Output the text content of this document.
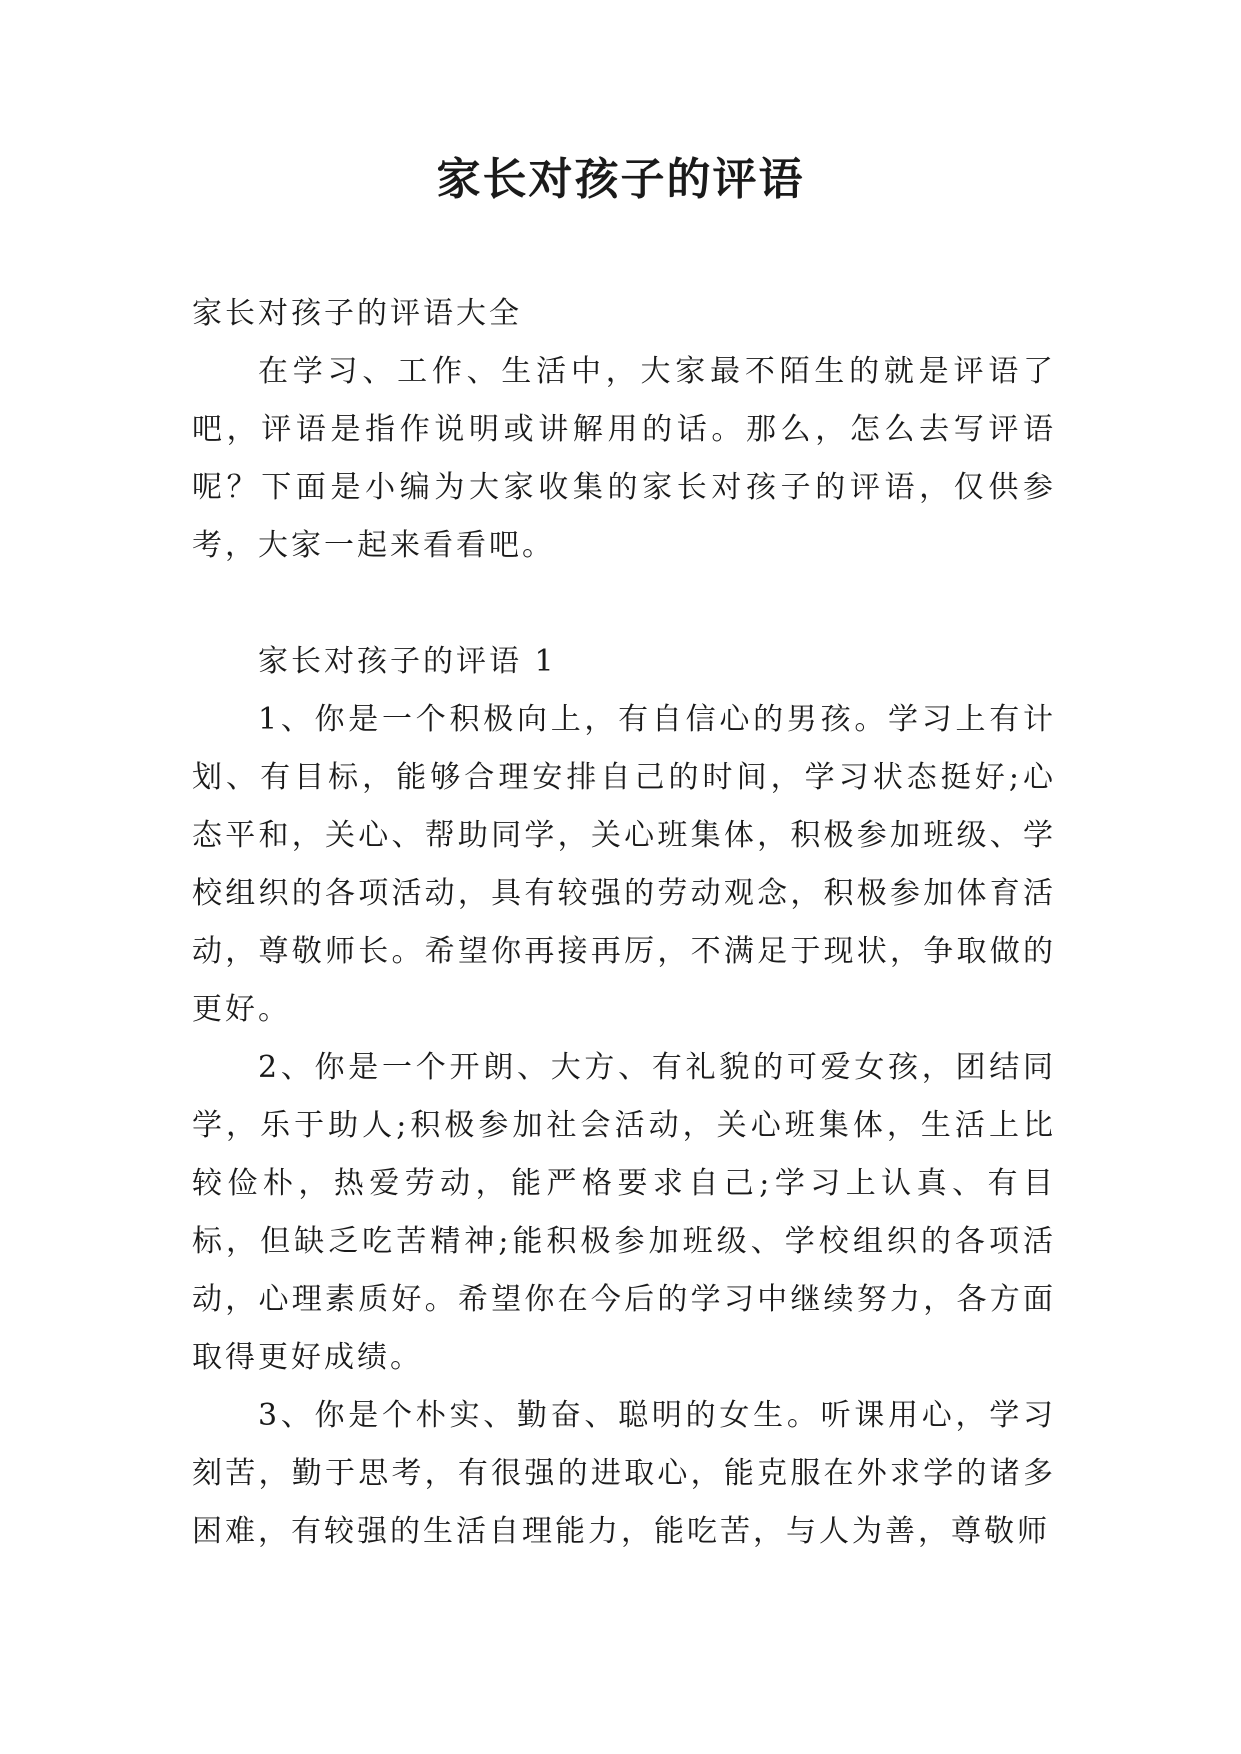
家长对孩子的评语

家长对孩子的评语大全

在学习、工作、生活中，大家最不陌生的就是评语了吧，评语是指作说明或讲解用的话。那么，怎么去写评语呢？下面是小编为大家收集的家长对孩子的评语，仅供参考，大家一起来看看吧。

家长对孩子的评语 1

1、你是一个积极向上，有自信心的男孩。学习上有计划、有目标，能够合理安排自己的时间，学习状态挺好;心态平和，关心、帮助同学，关心班集体，积极参加班级、学校组织的各项活动，具有较强的劳动观念，积极参加体育活动，尊敬师长。希望你再接再厉，不满足于现状，争取做的更好。

2、你是一个开朗、大方、有礼貌的可爱女孩，团结同学，乐于助人;积极参加社会活动，关心班集体，生活上比较俭朴，热爱劳动，能严格要求自己;学习上认真、有目标，但缺乏吃苦精神;能积极参加班级、学校组织的各项活动，心理素质好。希望你在今后的学习中继续努力，各方面取得更好成绩。

3、你是个朴实、勤奋、聪明的女生。听课用心，学习刻苦，勤于思考，有很强的进取心，能克服在外求学的诸多困难，有较强的生活自理能力，能吃苦，与人为善，尊敬师
